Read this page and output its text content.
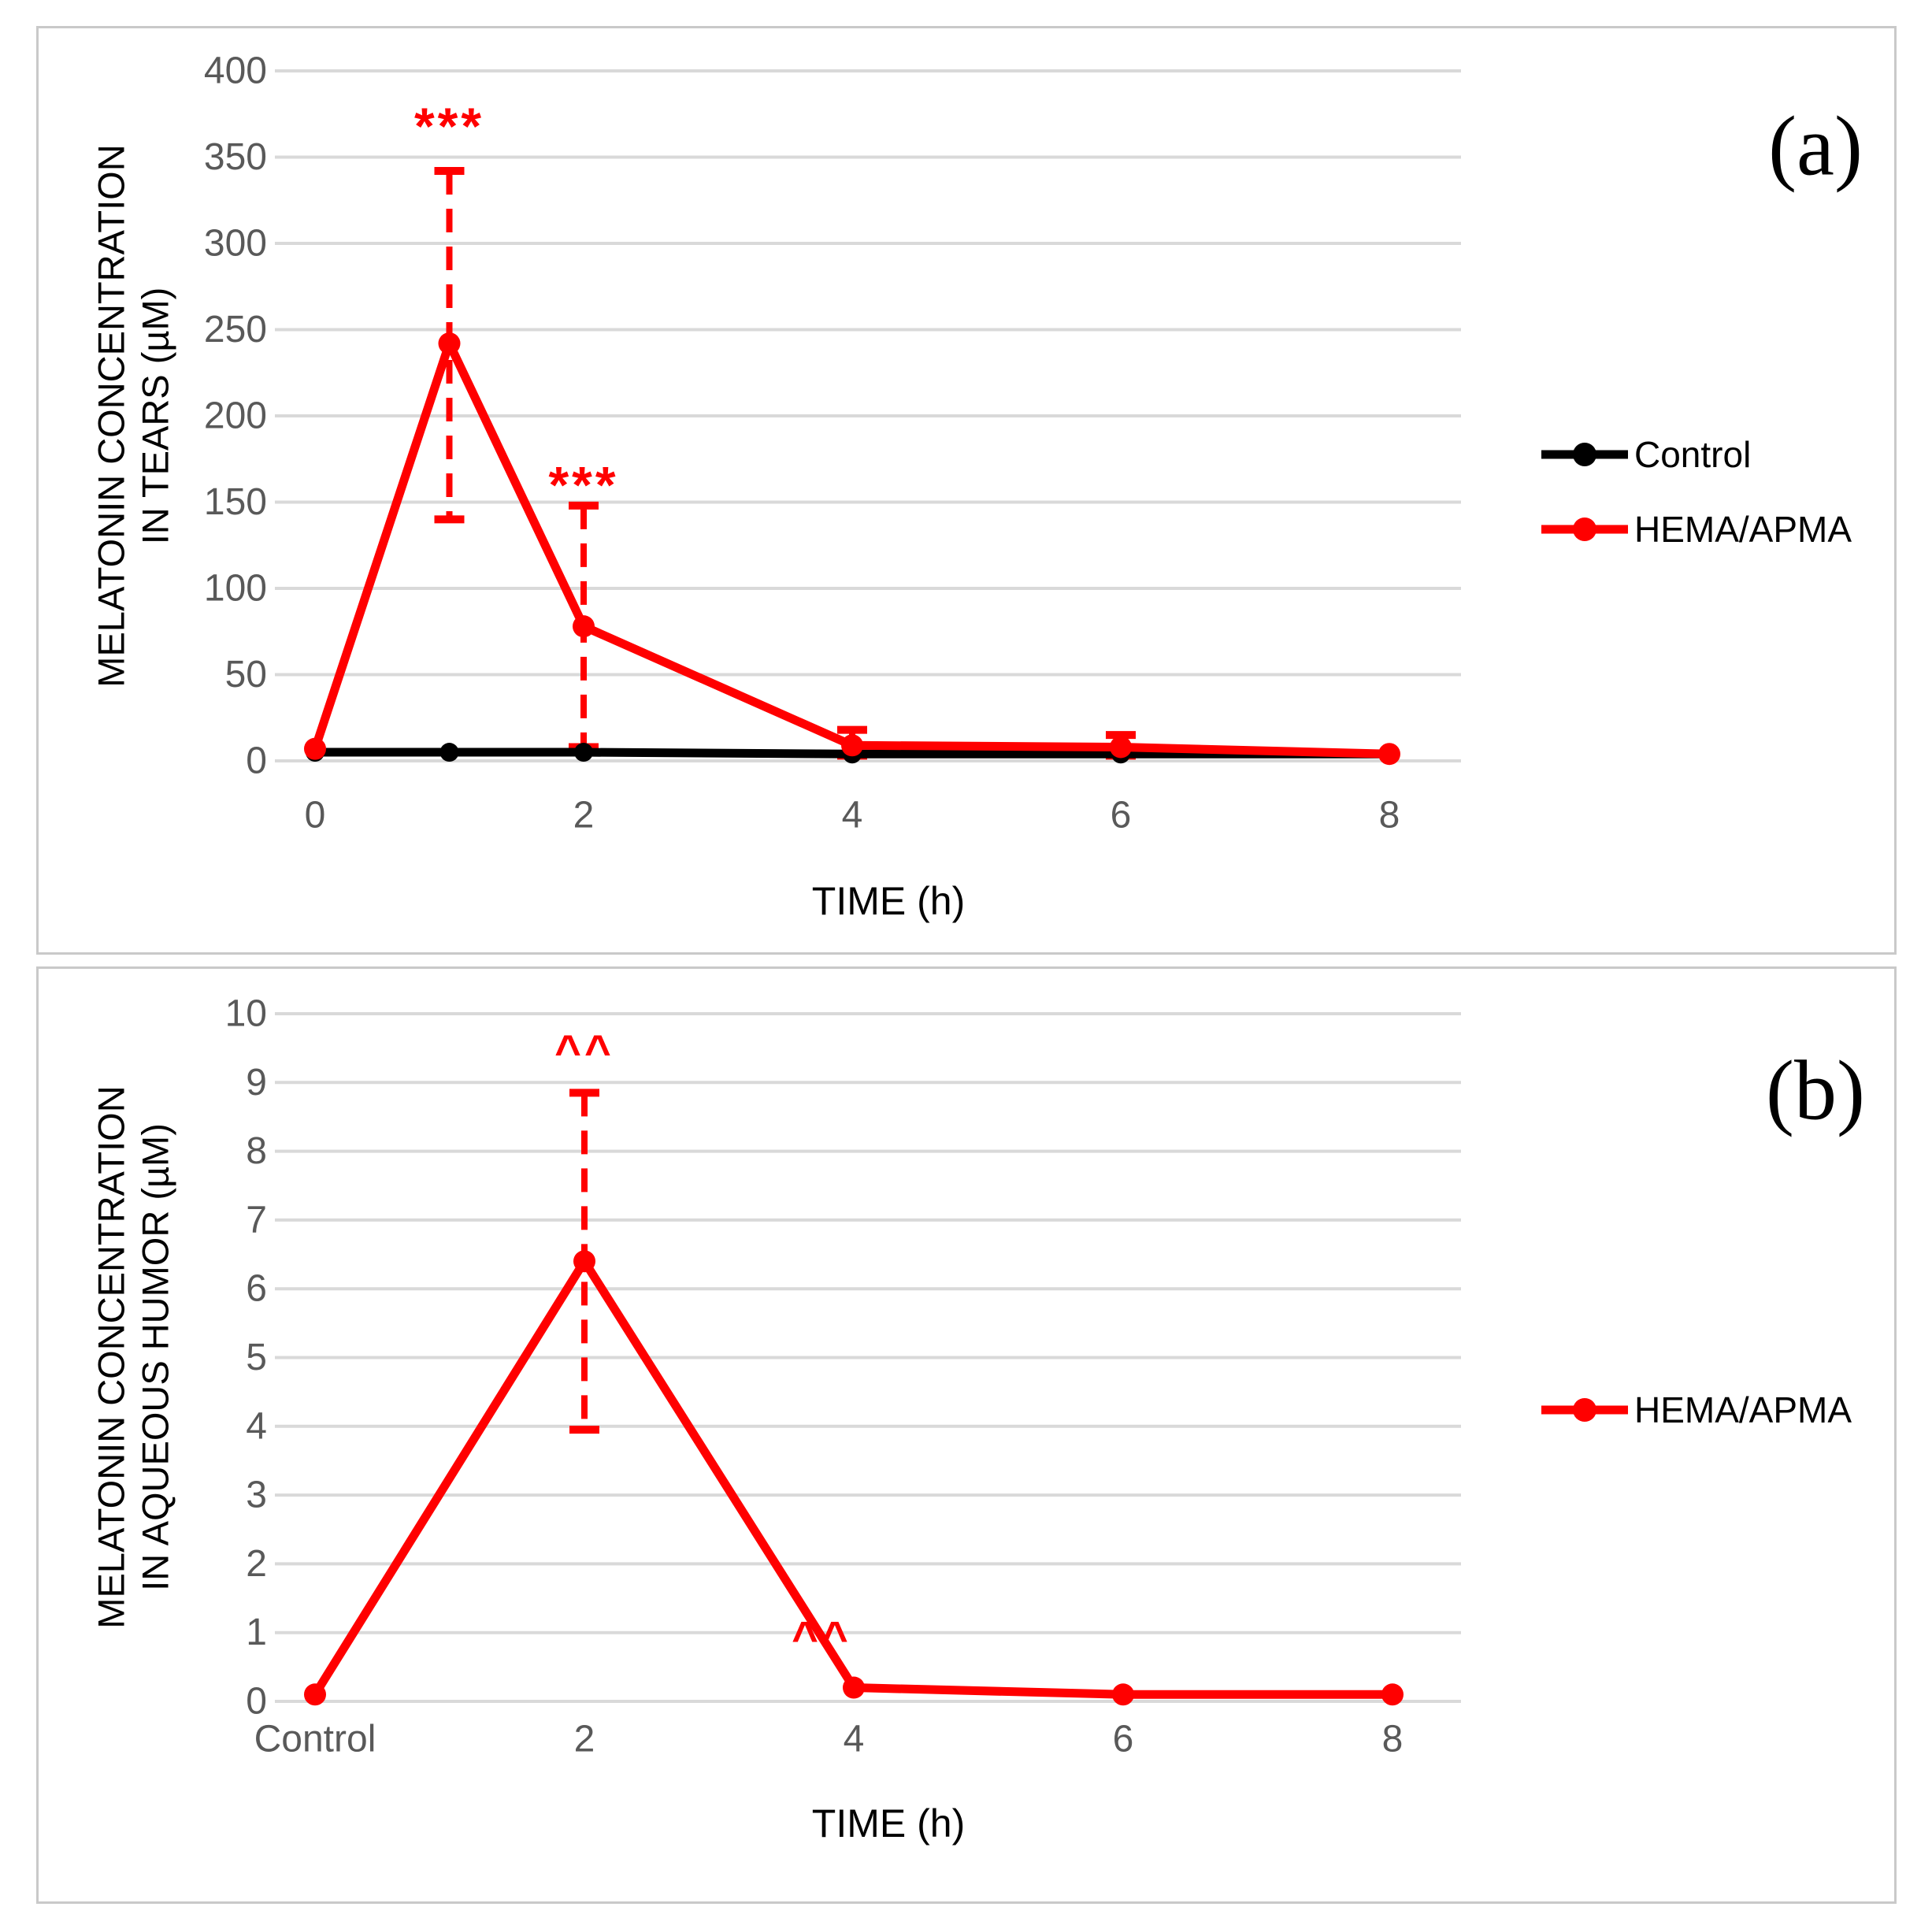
0
50
100
150
200
250
300
350
400
0	2	4	6	8
***
***
Control
HEMA/APMA
TIME (h)
MELATONIN CONCENTRATION IN TEARS (µM)
(a)
0
1
2
3
4
5
6
7
8
9
10
Control	2	4	6	8
^^
^^
HEMA/APMA
TIME (h)
MELATONIN CONCENTRATION IN AQUEOUS HUMOR (µM)
(b)
